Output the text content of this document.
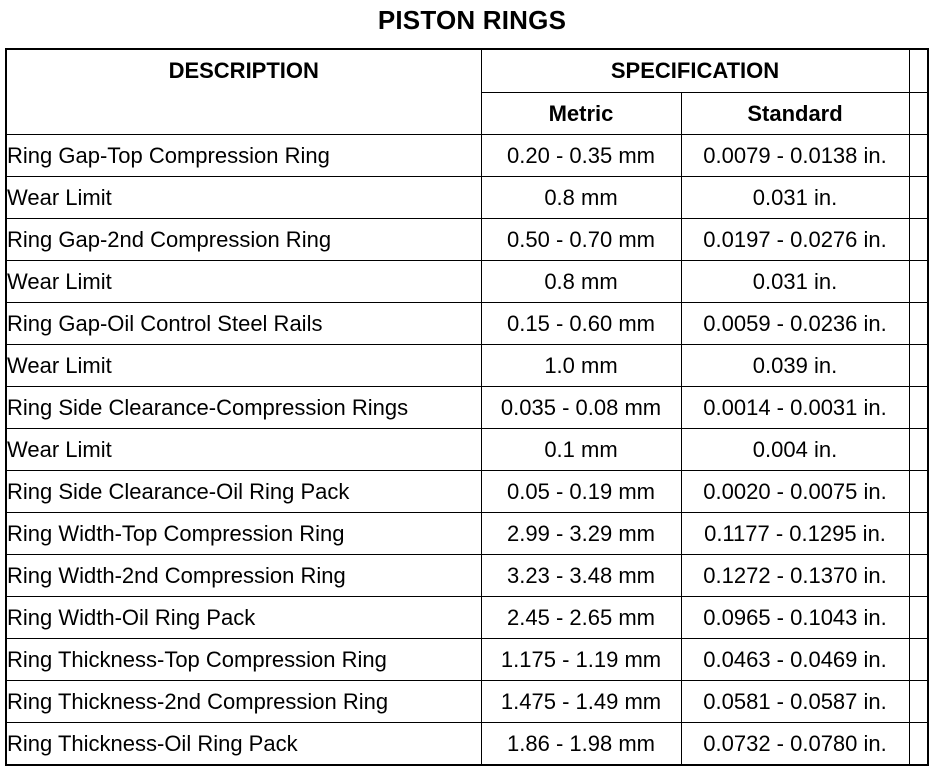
PISTON RINGS
DESCRIPTION	SPECIFICATION		
	Metric	Standard	
Ring Gap-Top Compression Ring	0.20 - 0.35 mm	0.0079 - 0.0138 in.	
Wear Limit	0.8 mm	0.031 in.	
Ring Gap-2nd Compression Ring	0.50 - 0.70 mm	0.0197 - 0.0276 in.	
Wear Limit	0.8 mm	0.031 in.	
Ring Gap-Oil Control Steel Rails	0.15 - 0.60 mm	0.0059 - 0.0236 in.	
Wear Limit	1.0 mm	0.039 in.	
Ring Side Clearance-Compression Rings	0.035 - 0.08 mm	0.0014 - 0.0031 in.	
Wear Limit	0.1 mm	0.004 in.	
Ring Side Clearance-Oil Ring Pack	0.05 - 0.19 mm	0.0020 - 0.0075 in.	
Ring Width-Top Compression Ring	2.99 - 3.29 mm	0.1177 - 0.1295 in.	
Ring Width-2nd Compression Ring	3.23 - 3.48 mm	0.1272 - 0.1370 in.	
Ring Width-Oil Ring Pack	2.45 - 2.65 mm	0.0965 - 0.1043 in.	
Ring Thickness-Top Compression Ring	1.175 - 1.19 mm	0.0463 - 0.0469 in.	
Ring Thickness-2nd Compression Ring	1.475 - 1.49 mm	0.0581 - 0.0587 in.	
Ring Thickness-Oil Ring Pack	1.86 - 1.98 mm	0.0732 - 0.0780 in.	
